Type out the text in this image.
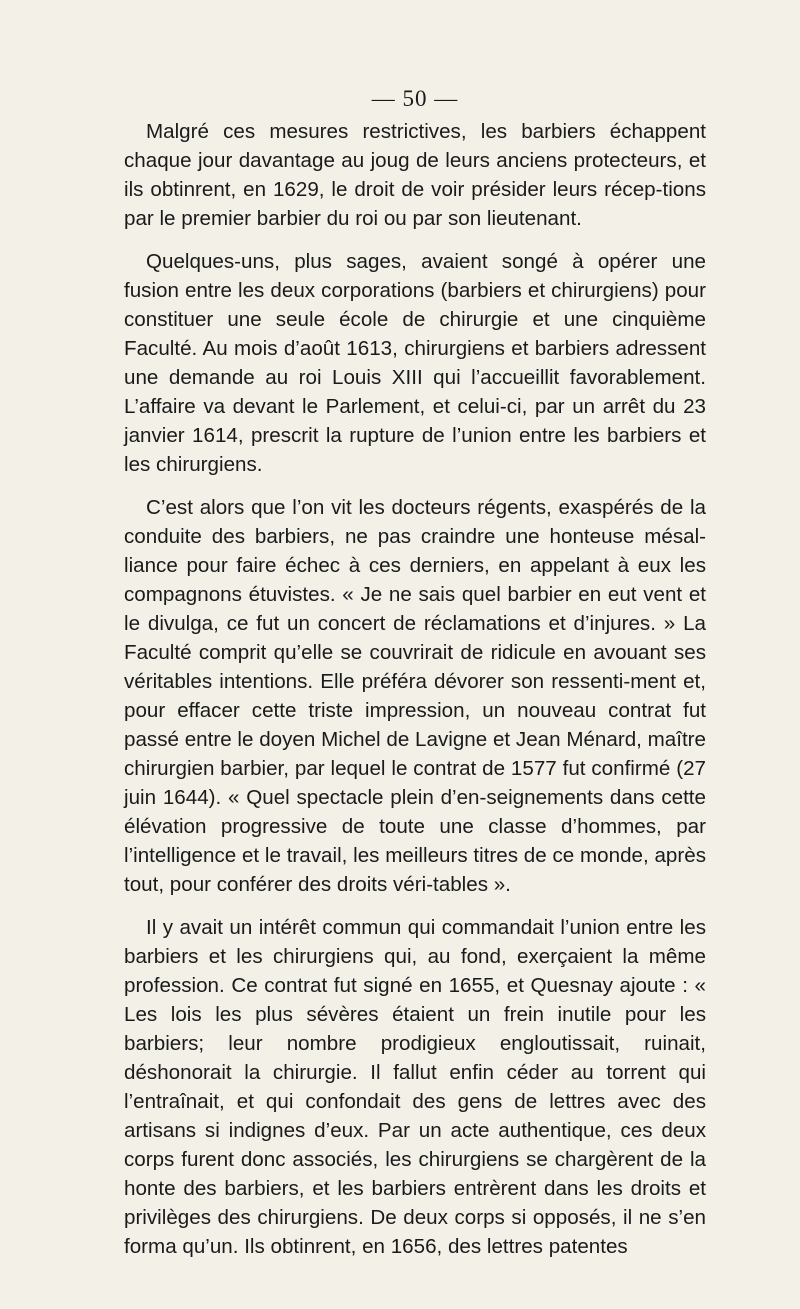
— 50 —

Malgré ces mesures restrictives, les barbiers échappent chaque jour davantage au joug de leurs anciens protecteurs, et ils obtinrent, en 1629, le droit de voir présider leurs récep-tions par le premier barbier du roi ou par son lieutenant.

Quelques-uns, plus sages, avaient songé à opérer une fusion entre les deux corporations (barbiers et chirurgiens) pour constituer une seule école de chirurgie et une cinquième Faculté. Au mois d’août 1613, chirurgiens et barbiers adressent une demande au roi Louis XIII qui l’accueillit favorablement. L’affaire va devant le Parlement, et celui-ci, par un arrêt du 23 janvier 1614, prescrit la rupture de l’union entre les barbiers et les chirurgiens.

C’est alors que l’on vit les docteurs régents, exaspérés de la conduite des barbiers, ne pas craindre une honteuse mésal-liance pour faire échec à ces derniers, en appelant à eux les compagnons étuvistes. « Je ne sais quel barbier en eut vent et le divulga, ce fut un concert de réclamations et d’injures. » La Faculté comprit qu’elle se couvrirait de ridicule en avouant ses véritables intentions. Elle préféra dévorer son ressenti-ment et, pour effacer cette triste impression, un nouveau contrat fut passé entre le doyen Michel de Lavigne et Jean Ménard, maître chirurgien barbier, par lequel le contrat de 1577 fut confirmé (27 juin 1644). « Quel spectacle plein d’en-seignements dans cette élévation progressive de toute une classe d’hommes, par l’intelligence et le travail, les meilleurs titres de ce monde, après tout, pour conférer des droits véri-tables ».

Il y avait un intérêt commun qui commandait l’union entre les barbiers et les chirurgiens qui, au fond, exerçaient la même profession. Ce contrat fut signé en 1655, et Quesnay ajoute : « Les lois les plus sévères étaient un frein inutile pour les barbiers; leur nombre prodigieux engloutissait, ruinait, déshonorait la chirurgie. Il fallut enfin céder au torrent qui l’entraînait, et qui confondait des gens de lettres avec des artisans si indignes d’eux. Par un acte authentique, ces deux corps furent donc associés, les chirurgiens se chargèrent de la honte des barbiers, et les barbiers entrèrent dans les droits et privilèges des chirurgiens. De deux corps si opposés, il ne s’en forma qu’un. Ils obtinrent, en 1656, des lettres patentes
